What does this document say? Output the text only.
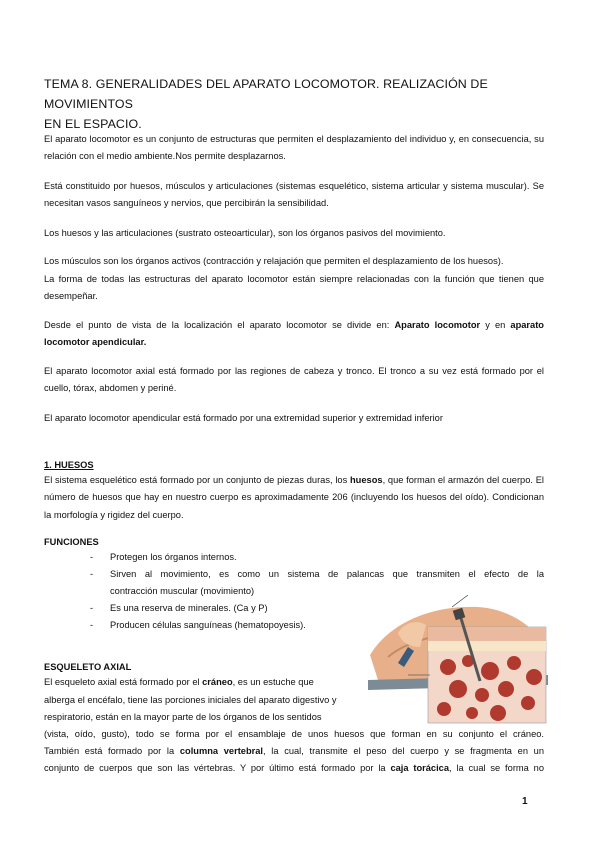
TEMA 8. GENERALIDADES DEL APARATO LOCOMOTOR. REALIZACIÓN DE MOVIMIENTOS
EN EL ESPACIO.
El aparato locomotor es un conjunto de estructuras que permiten el desplazamiento del individuo y, en consecuencia, su relación con el medio ambiente.Nos permite desplazarnos.
Está constituido por huesos, músculos y articulaciones (sistemas esquelético, sistema articular y sistema muscular). Se necesitan vasos sanguíneos y nervios, que percibirán la sensibilidad.
Los huesos y las articulaciones (sustrato osteoarticular), son los órganos pasivos del movimiento.
Los músculos son los órganos activos (contracción y relajación que permiten el desplazamiento de los huesos).
La forma de todas las estructuras del aparato locomotor están siempre relacionadas con la función que tienen que desempeñar.
Desde el punto de vista de la localización el aparato locomotor se divide en: Aparato locomotor y en aparato locomotor apendicular.
El aparato locomotor axial está formado por las regiones de cabeza y tronco. El tronco a su vez está formado por el cuello, tórax, abdomen y periné.
El aparato locomotor apendicular está formado por una extremidad superior y extremidad inferior
1. HUESOS
El sistema esquelético está formado por un conjunto de piezas duras, los huesos, que forman el armazón del cuerpo. El número de huesos que hay en nuestro cuerpo es aproximadamente 206 (incluyendo los huesos del oído). Condicionan la morfología y rigidez del cuerpo.
FUNCIONES
- Protegen los órganos internos.
- Sirven al movimiento, es como un sistema de palancas que transmiten el efecto de la
contracción muscular (movimiento)
- Es una reserva de minerales. (Ca y P)
- Producen células sanguíneas (hematopoyesis).
ESQUELETO AXIAL
El esqueleto axial está formado por el cráneo, es un estuche que
alberga el encéfalo, tiene las porciones iniciales del aparato digestivo y
respiratorio, están en la mayor parte de los órganos de los sentidos
(vista, oído, gusto), todo se forma por el ensamblaje de unos huesos que forman en su conjunto el cráneo.
También está formado por la columna vertebral, la cual, transmite el peso del cuerpo y se fragmenta en un
conjunto de cuerpos que son las vértebras. Y por último está formado por la caja torácica, la cual se forma no
1
